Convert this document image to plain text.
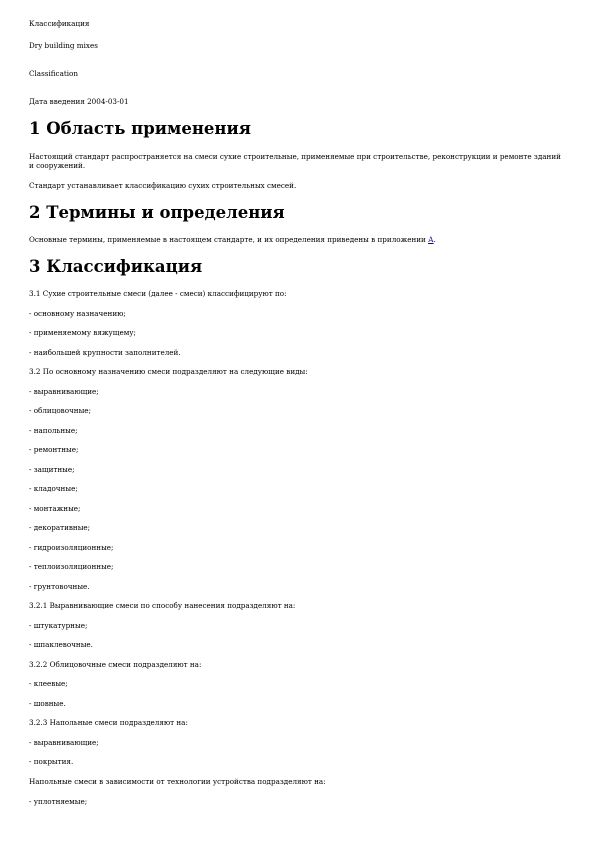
Классификация
Dry building mixes
Classification
Дата введения 2004-03-01
1 Область применения
Настоящий стандарт распространяется на смеси сухие строительные, применяемые при строительстве, реконструкции и ремонте зданий и сооружений.
Стандарт устанавливает классификацию сухих строительных смесей.
2 Термины и определения
Основные термины, применяемые в настоящем стандарте, и их определения приведены в приложении А.
3 Классификация
3.1 Сухие строительные смеси (далее - смеси) классифицируют по:
- основному назначению;
- применяемому вяжущему;
- наибольшей крупности заполнителей.
3.2 По основному назначению смеси подразделяют на следующие виды:
- выравнивающие;
- облицовочные;
- напольные;
- ремонтные;
- защитные;
- кладочные;
- монтажные;
- декоративные;
- гидроизоляционные;
- теплоизоляционные;
- грунтовочные.
3.2.1 Выравнивающие смеси по способу нанесения подразделяют на:
- штукатурные;
- шпаклевочные.
3.2.2 Облицовочные смеси подразделяют на:
- клеевые;
- шовные.
3.2.3 Напольные смеси подразделяют на:
- выравнивающие;
- покрытия.
Напольные смеси в зависимости от технологии устройства подразделяют на:
- уплотняемые;
